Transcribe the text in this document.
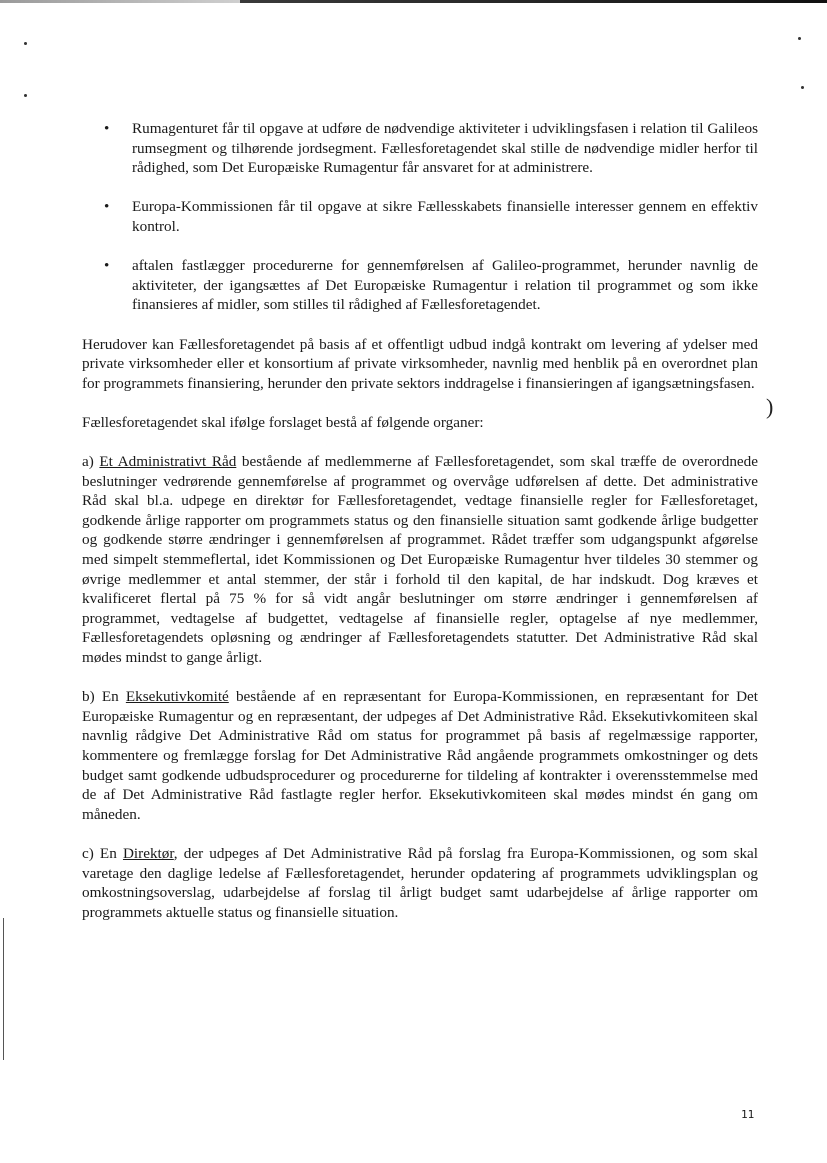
)
• Rumagenturet får til opgave at udføre de nødvendige aktiviteter i udviklingsfasen i relation til Galileos rumsegment og tilhørende jordsegment. Fællesforetagendet skal stille de nødvendige midler herfor til rådighed, som Det Europæiske Rumagentur får ansvaret for at administrere.
• Europa-Kommissionen får til opgave at sikre Fællesskabets finansielle interesser gennem en effektiv kontrol.
• aftalen fastlægger procedurerne for gennemførelsen af Galileo-programmet, herunder navnlig de aktiviteter, der igangsættes af Det Europæiske Rumagentur i relation til programmet og som ikke finansieres af midler, som stilles til rådighed af Fællesforetagendet.

Herudover kan Fællesforetagendet på basis af et offentligt udbud indgå kontrakt om levering af ydelser med private virksomheder eller et konsortium af private virksomheder, navnlig med henblik på en overordnet plan for programmets finansiering, herunder den private sektors inddragelse i finansieringen af igangsætningsfasen.

Fællesforetagendet skal ifølge forslaget bestå af følgende organer:

a) Et Administrativt Råd bestående af medlemmerne af Fællesforetagendet, som skal træffe de overordnede beslutninger vedrørende gennemførelse af programmet og overvåge udførelsen af dette. Det administrative Råd skal bl.a. udpege en direktør for Fællesforetagendet, vedtage finansielle regler for Fællesforetaget, godkende årlige rapporter om programmets status og den finansielle situation samt godkende årlige budgetter og godkende større ændringer i gennemførelsen af programmet. Rådet træffer som udgangspunkt afgørelse med simpelt stemmeflertal, idet Kommissionen og Det Europæiske Rumagentur hver tildeles 30 stemmer og øvrige medlemmer et antal stemmer, der står i forhold til den kapital, de har indskudt. Dog kræves et kvalificeret flertal på 75 % for så vidt angår beslutninger om større ændringer i gennemførelsen af programmet, vedtagelse af budgettet, vedtagelse af finansielle regler, optagelse af nye medlemmer, Fællesforetagendets opløsning og ændringer af Fællesforetagendets statutter. Det Administrative Råd skal mødes mindst to gange årligt.

b) En Eksekutivkomité bestående af en repræsentant for Europa-Kommissionen, en repræsentant for Det Europæiske Rumagentur og en repræsentant, der udpeges af Det Administrative Råd. Eksekutivkomiteen skal navnlig rådgive Det Administrative Råd om status for programmet på basis af regelmæssige rapporter, kommentere og fremlægge forslag for Det Administrative Råd angående programmets omkostninger og dets budget samt godkende udbudsprocedurer og procedurerne for tildeling af kontrakter i overensstemmelse med de af Det Administrative Råd fastlagte regler herfor. Eksekutivkomiteen skal mødes mindst én gang om måneden.

c) En Direktør, der udpeges af Det Administrative Råd på forslag fra Europa-Kommissionen, og som skal varetage den daglige ledelse af Fællesforetagendet, herunder opdatering af programmets udviklingsplan og omkostningsoverslag, udarbejdelse af forslag til årligt budget samt udarbejdelse af årlige rapporter om programmets aktuelle status og finansielle situation.

11
